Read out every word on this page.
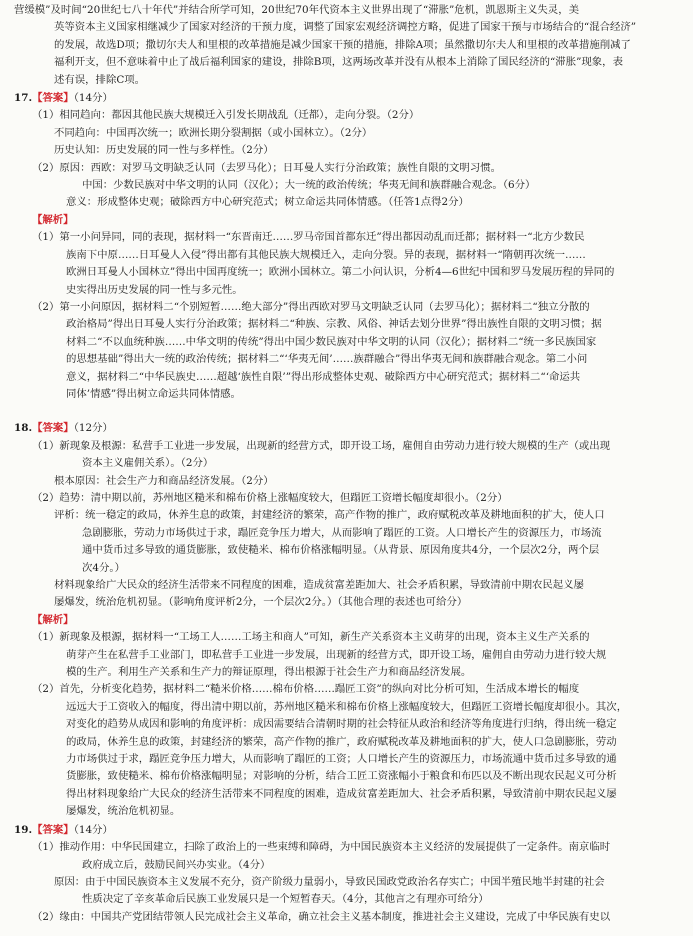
营缓模”及时间“20世纪七八十年代”并结合所学可知，20世纪70年代资本主义世界出现了“滞胀”危机，凯恩斯主义失灵，美

英等资本主义国家相继减少了国家对经济的干预力度，调整了国家宏观经济调控方略，促进了国家干预与市场结合的“混合经济”

的发展，故选D项；撒切尔夫人和里根的改革措施是减少国家干预的措施，排除A项；虽然撒切尔夫人和里根的改革措施削减了

福利开支，但不意味着中止了战后福利国家的建设，排除B项，这两场改革并没有从根本上消除了国民经济的“滞胀”现象，表

述有误，排除C项。

17.【答案】（14分）

（1）相同趋向：都因其他民族大规模迁入引发长期战乱（迁都），走向分裂。（2分）

不同趋向：中国再次统一；欧洲长期分裂割据（或小国林立）。（2分）

历史认知：历史发展的同一性与多样性。（2分）

（2）原因：西欧：对罗马文明缺乏认同（去罗马化）；日耳曼人实行分治政策；族性自限的文明习惯。

中国：少数民族对中华文明的认同（汉化）；大一统的政治传统；华夷无间和族群融合观念。（6分）

意义：形成整体史观；破除西方中心研究范式；树立命运共同体情感。（任答1点得2分）

【解析】

（1）第一小问异同，同的表现，据材料一“东晋南迁……罗马帝国首都东迁”得出都因动乱而迁都；据材料一“北方少数民

族南下中原……日耳曼人入侵”得出都有其他民族大规模迁入，走向分裂。异的表现，据材料一“隋朝再次统一……

欧洲日耳曼人小国林立”得出中国再度统一；欧洲小国林立。第二小问认识，分析4—6世纪中国和罗马发展历程的异同的

史实得出历史发展的同一性与多元性。

（2）第一小问原因，据材料二“个别短暂……绝大部分”得出西欧对罗马文明缺乏认同（去罗马化）；据材料二“独立分散的

政治格局”得出日耳曼人实行分治政策；据材料二“种族、宗教、风俗、神话去划分世界”得出族性自限的文明习惯；据

材料二“不以血统种族……中华文明的传统”得出中国少数民族对中华文明的认同（汉化）；据材料二“统一多民族国家

的思想基础”得出大一统的政治传统；据材料二“‘华夷无间’……族群融合”得出华夷无间和族群融合观念。第二小问

意义，据材料二“中华民族史……超越‘族性自限’”得出形成整体史观、破除西方中心研究范式；据材料二“‘命运共

同体’情感”得出树立命运共同体情感。

18.【答案】（12分）

（1）新现象及根源：私营手工业进一步发展，出现新的经营方式，即开设工场，雇佣自由劳动力进行较大规模的生产（或出现

资本主义雇佣关系）。（2分）

根本原因：社会生产力和商品经济发展。（2分）

（2）趋势：清中期以前，苏州地区糙米和棉布价格上涨幅度较大，但蹋匠工资增长幅度却很小。（2分）

评析：统一稳定的政局，休养生息的政策，封建经济的繁荣，高产作物的推广，政府赋税改革及耕地面积的扩大，使人口

急剧膨胀，劳动力市场供过于求，蹋匠竞争压力增大，从而影响了蹋匠的工资。人口增长产生的资源压力，市场流

通中货币过多导致的通货膨胀，致使糙米、棉布价格涨幅明显。（从背景、原因角度共4分，一个层次2分，两个层

次4分。）

材料现象给广大民众的经济生活带来不同程度的困难，造成贫富差距加大、社会矛盾积累，导致清前中期农民起义屡

屡爆发，统治危机初显。（影响角度评析2分，一个层次2分。）（其他合理的表述也可给分）

【解析】

（1）新现象及根源，据材料一“工场工人……工场主和商人”可知，新生产关系资本主义萌芽的出现，资本主义生产关系的

萌芽产生在私营手工业部门，即私营手工业进一步发展，出现新的经营方式，即开设工场，雇佣自由劳动力进行较大规

模的生产。利用生产关系和生产力的辩证原理，得出根源于社会生产力和商品经济发展。

（2）首先，分析变化趋势，据材料二“糙米价格……棉布价格……蹋匠工资”的纵向对比分析可知，生活成本增长的幅度

远远大于工资收入的幅度，得出清中期以前，苏州地区糙米和棉布价格上涨幅度较大，但蹋匠工资增长幅度却很小。其次，

对变化的趋势从成因和影响的角度评析：成因需要结合清朝时期的社会特征从政治和经济等角度进行归纳，得出统一稳定

的政局，休养生息的政策，封建经济的繁荣，高产作物的推广，政府赋税改革及耕地面积的扩大，使人口急剧膨胀，劳动

力市场供过于求，蹋匠竞争压力增大，从而影响了蹋匠的工资；人口增长产生的资源压力，市场流通中货币过多导致的通

货膨胀，致使糙米、棉布价格涨幅明显；对影响的分析，结合工匠工资涨幅小于粮食和布匹以及不断出现农民起义可分析

得出材料现象给广大民众的经济生活带来不同程度的困难，造成贫富差距加大、社会矛盾积累，导致清前中期农民起义屡

屡爆发，统治危机初显。

19.【答案】（14分）

（1）推动作用：中华民国建立，扫除了政治上的一些束缚和障碍，为中国民族资本主义经济的发展提供了一定条件。南京临时

政府成立后，鼓励民间兴办实业。（4分）

原因：由于中国民族资本主义发展不充分，资产阶级力量弱小，导致民国政党政治名存实亡；中国半殖民地半封建的社会

性质决定了辛亥革命后民族工业发展只是一个短暂春天。（4分，其他言之有理亦可给分）

（2）缘由：中国共产党团结带领人民完成社会主义革命，确立社会主义基本制度，推进社会主义建设，完成了中华民族有史以
